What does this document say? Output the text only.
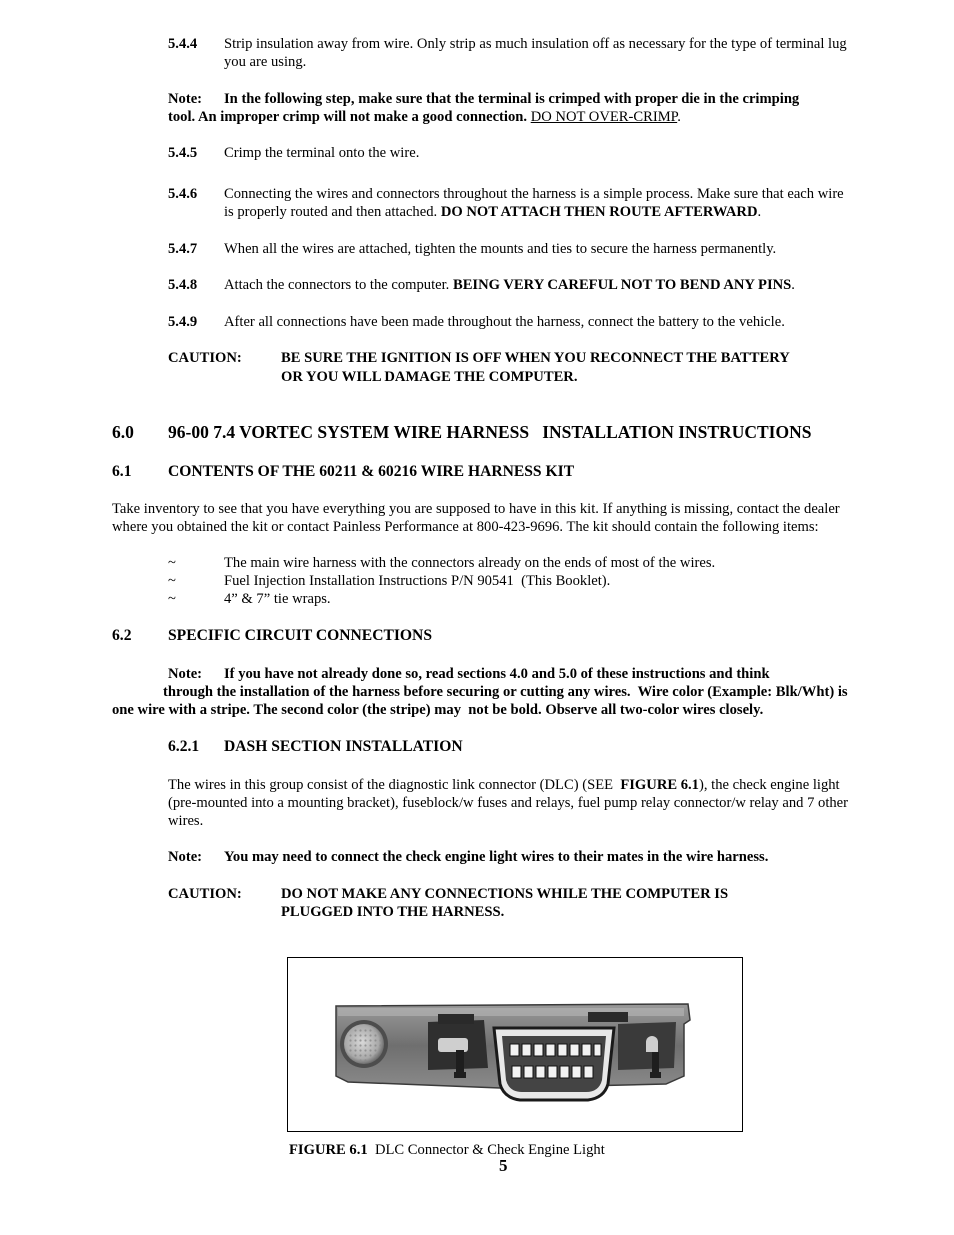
5.4.4 Strip insulation away from wire. Only strip as much insulation off as necessary for the type of terminal lug
you are using.
Note: In the following step, make sure that the terminal is crimped with proper die in the crimping
tool. An improper crimp will not make a good connection. DO NOT OVER-CRIMP.
5.4.5 Crimp the terminal onto the wire.
5.4.6 Connecting the wires and connectors throughout the harness is a simple process. Make sure that each wire
is properly routed and then attached. DO NOT ATTACH THEN ROUTE AFTERWARD.
5.4.7 When all the wires are attached, tighten the mounts and ties to secure the harness permanently.
5.4.8 Attach the connectors to the computer. BEING VERY CAREFUL NOT TO BEND ANY PINS.
5.4.9 After all connections have been made throughout the harness, connect the battery to the vehicle.
CAUTION:	BE SURE THE IGNITION IS OFF WHEN YOU RECONNECT THE BATTERY
OR YOU WILL DAMAGE THE COMPUTER.
6.0 96-00 7.4 VORTEC SYSTEM WIRE HARNESS   INSTALLATION INSTRUCTIONS
6.1 CONTENTS OF THE 60211 & 60216 WIRE HARNESS KIT
Take inventory to see that you have everything you are supposed to have in this kit. If anything is missing, contact the dealer
where you obtained the kit or contact Painless Performance at 800-423-9696. The kit should contain the following items:
~	The main wire harness with the connectors already on the ends of most of the wires.
~	Fuel Injection Installation Instructions P/N 90541  (This Booklet).
~	4” & 7” tie wraps.
6.2 SPECIFIC CIRCUIT CONNECTIONS
Note: If you have not already done so, read sections 4.0 and 5.0 of these instructions and think
through the installation of the harness before securing or cutting any wires.  Wire color (Example: Blk/Wht) is
one wire with a stripe. The second color (the stripe) may  not be bold. Observe all two-color wires closely.
6.2.1 DASH SECTION INSTALLATION
The wires in this group consist of the diagnostic link connector (DLC) (SEE  FIGURE 6.1), the check engine light
(pre-mounted into a mounting bracket), fuseblock/w fuses and relays, fuel pump relay connector/w relay and 7 other
wires.
Note: You may need to connect the check engine light wires to their mates in the wire harness.
CAUTION:	DO NOT MAKE ANY CONNECTIONS WHILE THE COMPUTER IS
PLUGGED INTO THE HARNESS.
FIGURE 6.1  DLC Connector & Check Engine Light
5
